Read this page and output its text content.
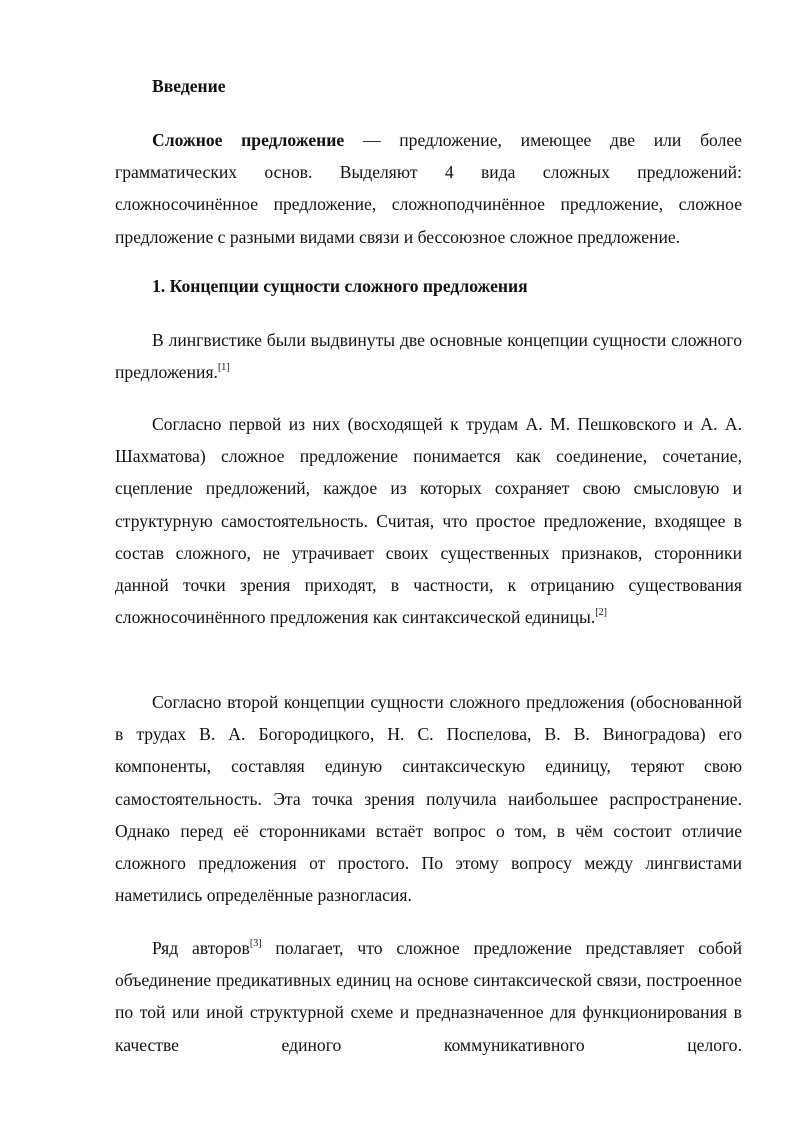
Введение
Сложное предложение — предложение, имеющее две или более грамматических основ. Выделяют 4 вида сложных предложений: сложносочинённое предложение, сложноподчинённое предложение, сложное предложение с разными видами связи и бессоюзное сложное предложение.
1. Концепции сущности сложного предложения
В лингвистике были выдвинуты две основные концепции сущности сложного предложения.[1]
Согласно первой из них (восходящей к трудам А. М. Пешковского и А. А. Шахматова) сложное предложение понимается как соединение, сочетание, сцепление предложений, каждое из которых сохраняет свою смысловую и структурную самостоятельность. Считая, что простое предложение, входящее в состав сложного, не утрачивает своих существенных признаков, сторонники данной точки зрения приходят, в частности, к отрицанию существования сложносочинённого предложения как синтаксической единицы.[2]
Согласно второй концепции сущности сложного предложения (обоснованной в трудах В. А. Богородицкого, Н. С. Поспелова, В. В. Виноградова) его компоненты, составляя единую синтаксическую единицу, теряют свою самостоятельность. Эта точка зрения получила наибольшее распространение. Однако перед её сторонниками встаёт вопрос о том, в чём состоит отличие сложного предложения от простого. По этому вопросу между лингвистами наметились определённые разногласия.
Ряд авторов[3] полагает, что сложное предложение представляет собой объединение предикативных единиц на основе синтаксической связи, построенное по той или иной структурной схеме и предназначенное для функционирования в качестве единого коммуникативного целого.
